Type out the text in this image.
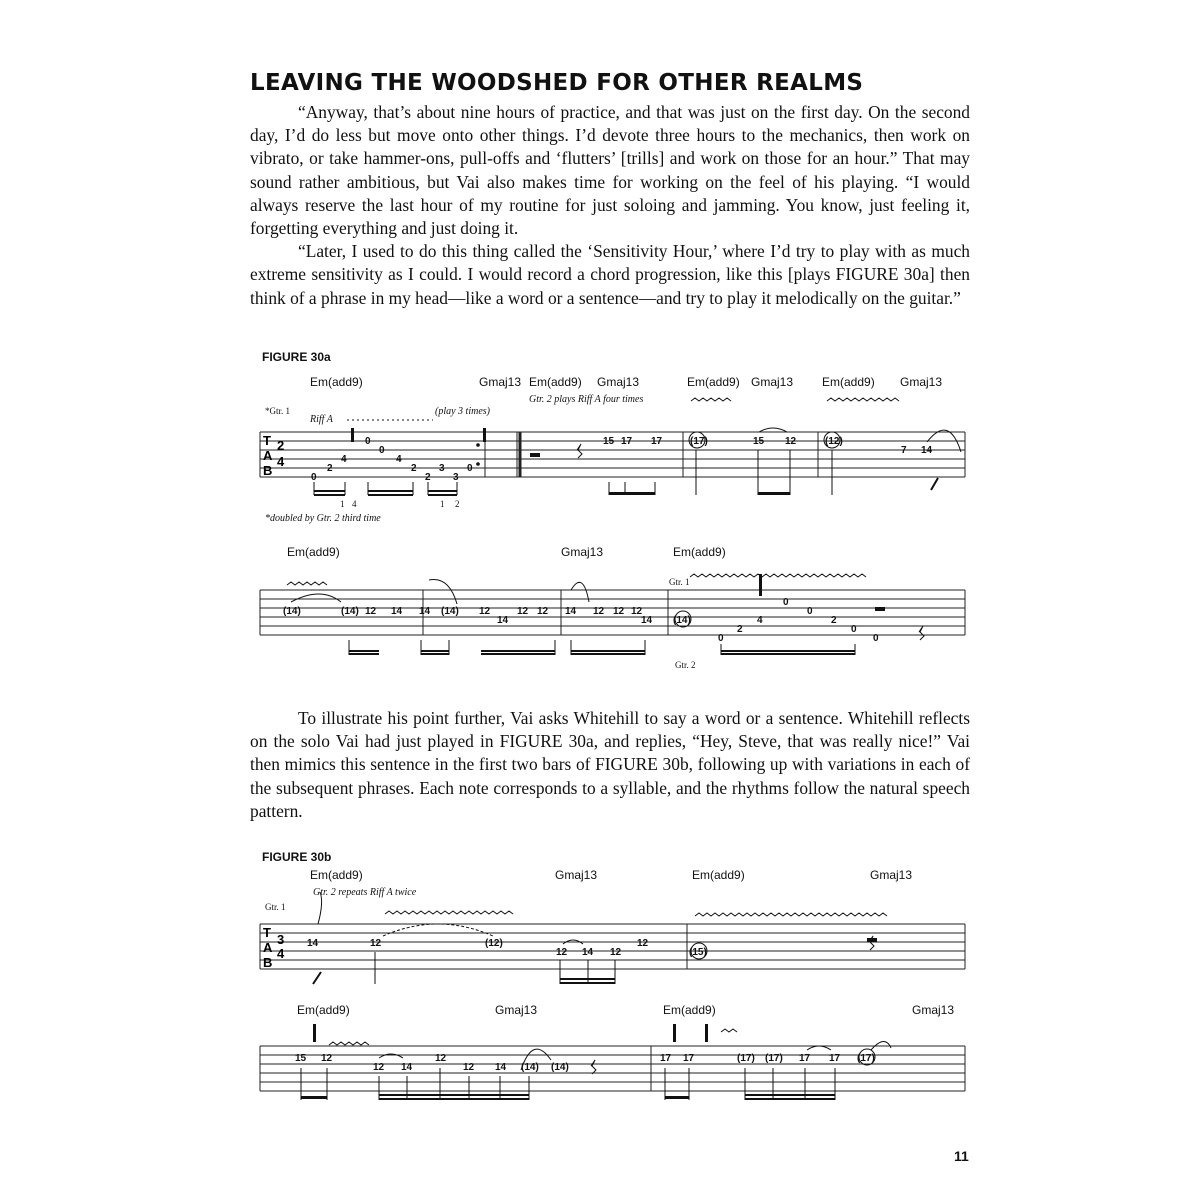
LEAVING THE WOODSHED FOR OTHER REALMS

“Anyway, that’s about nine hours of practice, and that was just on the first day. On the second day, I’d do less but move onto other things. I’d devote three hours to the mechanics, then work on vibrato, or take hammer-ons, pull-offs and ‘flutters’ [trills] and work on those for an hour.” That may sound rather ambitious, but Vai also makes time for working on the feel of his playing. “I would always reserve the last hour of my routine for just soloing and jamming. You know, just feeling it, forgetting everything and just doing it.

“Later, I used to do this thing called the ‘Sensitivity Hour,’ where I’d try to play with as much extreme sensitivity as I could. I would record a chord progression, like this [plays FIGURE 30a] then think of a phrase in my head—like a word or a sentence—and try to play it melodically on the guitar.”

FIGURE 30a
T
A
B
2
4
Em(add9)	Gmaj13 Em(add9) Gmaj13	Em(add9) Gmaj13 Em(add9) Gmaj13
*Gtr. 1
Riff A
(play 3 times)
Gtr. 2 plays Riff A four times
0
2
4
0
0
4
2
2
3
3
0
15 17 17	(17)	15 12	(12)
7 14
1 4	1 2
*doubled by Gtr. 2 third time
Em(add9)	Gmaj13	Em(add9)
Gtr. 1
Gtr. 2
(14)	(14) 12 14 14 (14) 12
14
12 12 14 12 12 12
14 (14)
0
2
4
0
0
2
0
0

To illustrate his point further, Vai asks Whitehill to say a word or a sentence. Whitehill reflects on the solo Vai had just played in FIGURE 30a, and replies, “Hey, Steve, that was really nice!” Vai then mimics this sentence in the first two bars of FIGURE 30b, following up with variations in each of the subsequent phrases. Each note corresponds to a syllable, and the rhythms follow the natural speech pattern.

FIGURE 30b
T
A
B
3
4
Em(add9)	Gmaj13	Em(add9)	Gmaj13
Gtr. 2 repeats Riff A twice
Gtr. 1
14	12	(12)
12 14 12
12
(15)
Em(add9)	Gmaj13	Em(add9)	Gmaj13
15 12
12 14
12
12 14 (14) (14)
17 17	(17) (17) 17 17 (17)
11
